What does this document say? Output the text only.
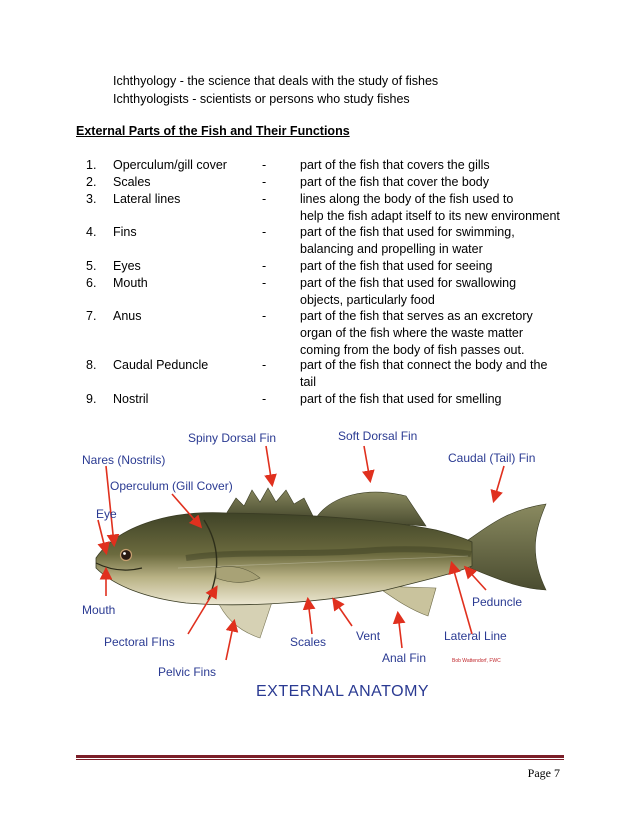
Ichthyology - the science that deals with the study of fishes
Ichthyologists - scientists or persons who study fishes
External Parts of the Fish and Their Functions
1. Operculum/gill cover	-	part of the fish that covers the gills
2. Scales	-	part of the fish that cover the body
3. Lateral lines	-	lines along the body of the fish used to
help the fish adapt itself to its new environment
4. Fins	-	part of the fish that used for swimming,
balancing and propelling in water
5. Eyes	-	part of the fish that used for seeing
6. Mouth	-	part of the fish that used for swallowing
objects, particularly food
7. Anus	-	part of the fish that serves as an excretory
organ of the fish where the waste matter
coming from the body of fish passes out.
8. Caudal Peduncle	-	part of the fish that connect the body and the
tail
9. Nostril	-	part of the fish that used for smelling
Spiny Dorsal Fin	Soft Dorsal Fin
Nares (Nostrils)	Caudal (Tail) Fin
Operculum (Gill Cover)
Eye
Mouth
Peduncle
Pectoral FIns	Scales Vent	Lateral Line
Anal Fin
Pelvic Fins
Bob Wattendorf, FWC
EXTERNAL ANATOMY
Page 7
